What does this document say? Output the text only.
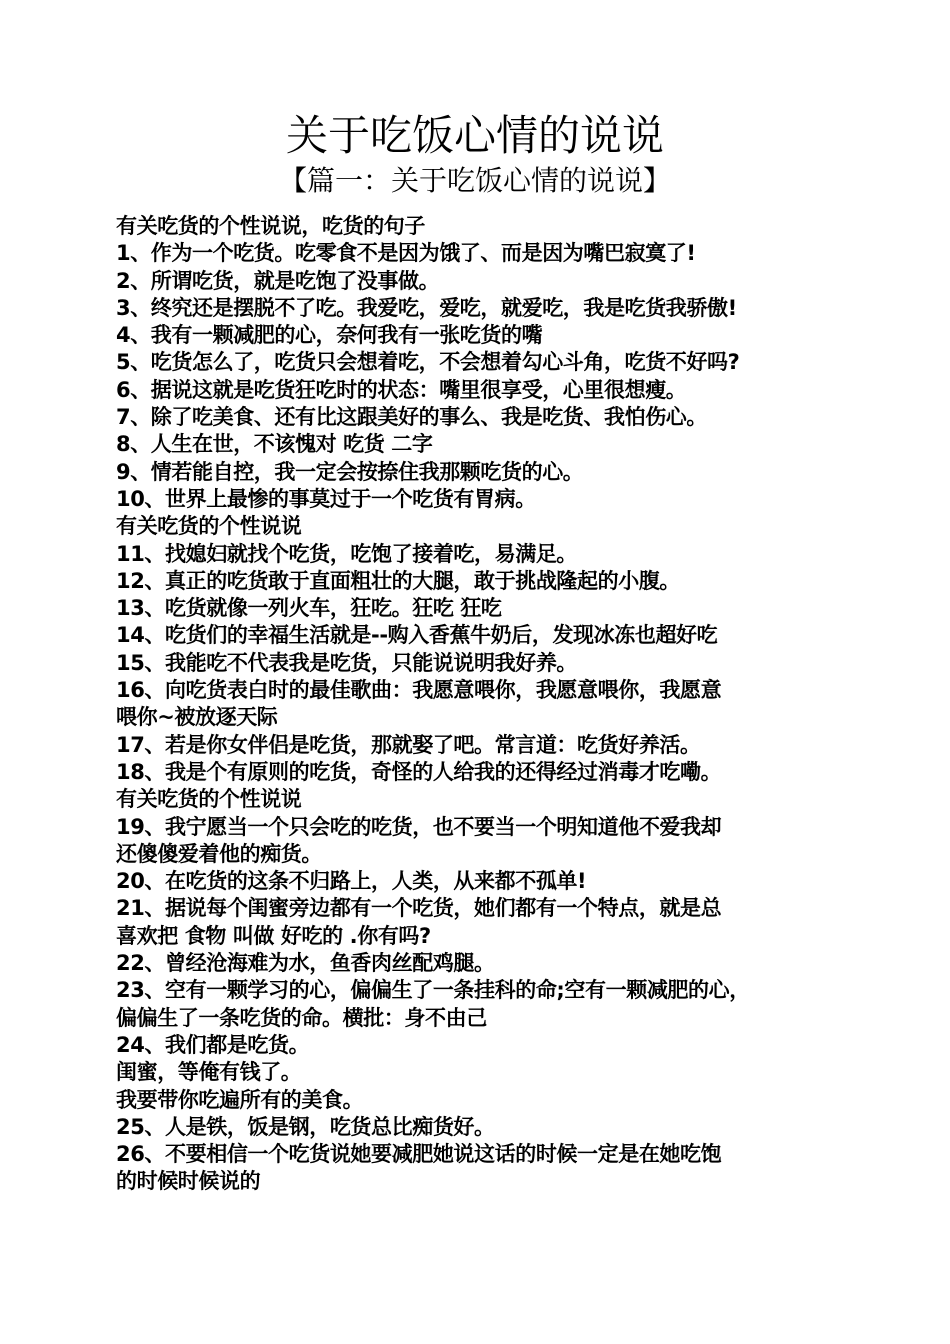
关于吃饭心情的说说
【篇一：关于吃饭心情的说说】

有关吃货的个性说说，吃货的句子

1、作为一个吃货。吃零食不是因为饿了、而是因为嘴巴寂寞了!

2、所谓吃货，就是吃饱了没事做。

3、终究还是摆脱不了吃。我爱吃，爱吃，就爱吃，我是吃货我骄傲!

4、我有一颗减肥的心，奈何我有一张吃货的嘴

5、吃货怎么了，吃货只会想着吃，不会想着勾心斗角，吃货不好吗?

6、据说这就是吃货狂吃时的状态：嘴里很享受，心里很想瘦。

7、除了吃美食、还有比这跟美好的事么、我是吃货、我怕伤心。

8、人生在世，不该愧对 吃货 二字

9、情若能自控，我一定会按捺住我那颗吃货的心。

10、世界上最惨的事莫过于一个吃货有胃病。

有关吃货的个性说说

11、找媳妇就找个吃货，吃饱了接着吃，易满足。

12、真正的吃货敢于直面粗壮的大腿，敢于挑战隆起的小腹。

13、吃货就像一列火车，狂吃。狂吃 狂吃

14、吃货们的幸福生活就是--购入香蕉牛奶后，发现冰冻也超好吃

15、我能吃不代表我是吃货，只能说说明我好养。

16、向吃货表白时的最佳歌曲：我愿意喂你，我愿意喂你，我愿意

喂你~被放逐天际

17、若是你女伴侣是吃货，那就娶了吧。常言道：吃货好养活。

18、我是个有原则的吃货，奇怪的人给我的还得经过消毒才吃嘞。

有关吃货的个性说说

19、我宁愿当一个只会吃的吃货，也不要当一个明知道他不爱我却

还傻傻爱着他的痴货。

20、在吃货的这条不归路上，人类，从来都不孤单!

21、据说每个闺蜜旁边都有一个吃货，她们都有一个特点，就是总

喜欢把 食物 叫做 好吃的 .你有吗?

22、曾经沧海难为水，鱼香肉丝配鸡腿。

23、空有一颗学习的心，偏偏生了一条挂科的命;空有一颗减肥的心，

偏偏生了一条吃货的命。横批：身不由己

24、我们都是吃货。

闺蜜，等俺有钱了。

我要带你吃遍所有的美食。

25、人是铁，饭是钢，吃货总比痴货好。

26、不要相信一个吃货说她要减肥她说这话的时候一定是在她吃饱

的时候时候说的
